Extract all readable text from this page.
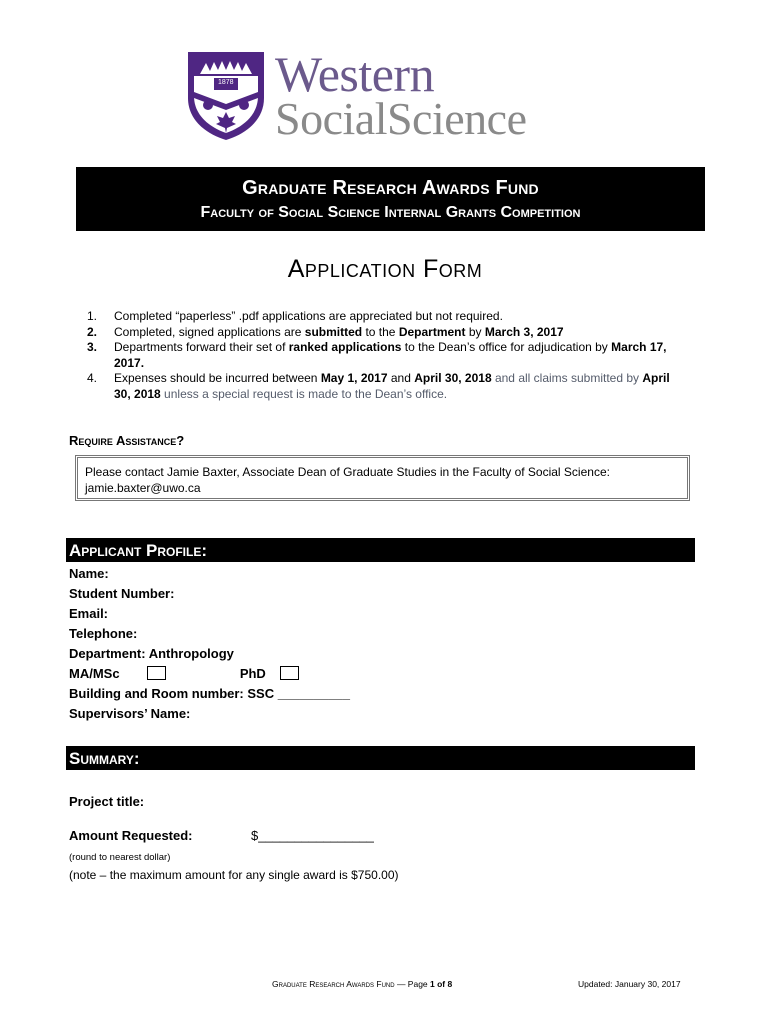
1878 Western
SocialScience
Graduate Research Awards Fund
Faculty of Social Science Internal Grants Competition
Application Form
1.	Completed “paperless” .pdf applications are appreciated but not required.
2.	Completed, signed applications are submitted to the Department by March 3, 2017
3.	Departments forward their set of ranked applications to the Dean’s office for adjudication by March 17, 2017.
4.	Expenses should be incurred between May 1, 2017 and April 30, 2018 and all claims submitted by April 30, 2018 unless a special request is made to the Dean’s office.
Require Assistance?
Please contact Jamie Baxter, Associate Dean of Graduate Studies in the Faculty of Social Science:
jamie.baxter@uwo.ca
Applicant Profile:
Name:
Student Number:
Email:
Telephone:
Department: Anthropology
MA/MSc	PhD
Building and Room number: SSC __________
Supervisors’ Name:
Summary:
Project title:
Amount Requested:	$________________
(round to nearest dollar)
(note – the maximum amount for any single award is $750.00)
Graduate Research Awards Fund — Page 1 of 8	Updated: January 30, 2017
